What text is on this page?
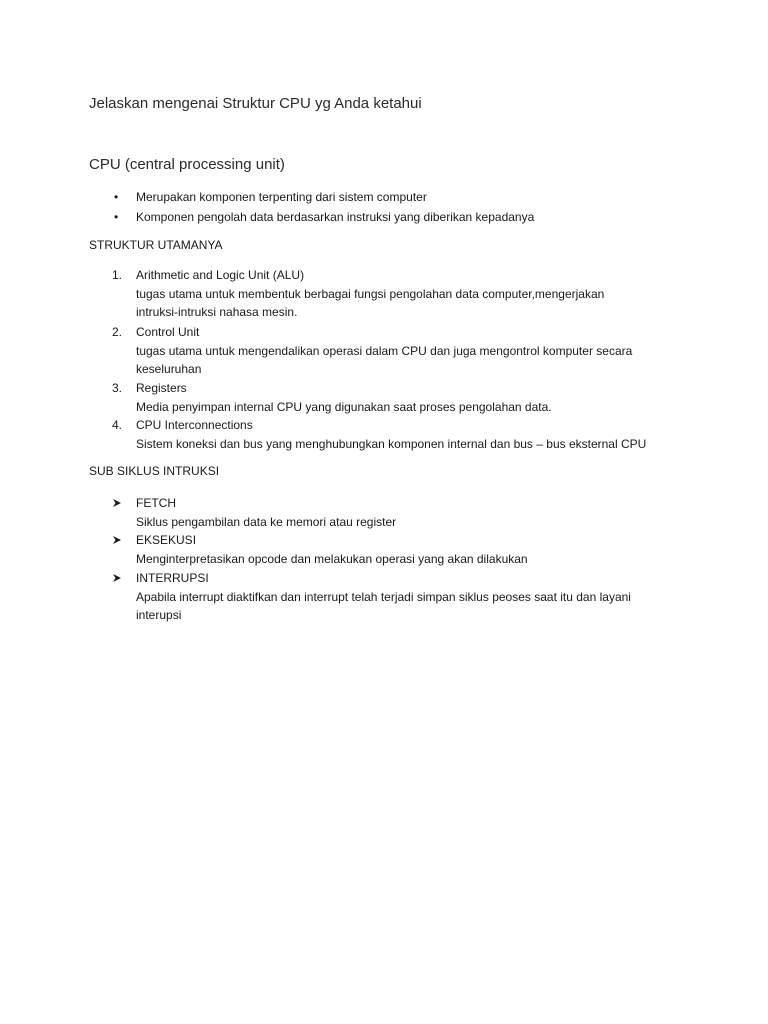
Jelaskan mengenai Struktur CPU yg Anda ketahui
CPU (central processing unit)
• Merupakan komponen terpenting dari sistem computer
• Komponen pengolah data berdasarkan instruksi yang diberikan kepadanya
STRUKTUR UTAMANYA
1. Arithmetic and Logic Unit (ALU)
tugas utama untuk membentuk berbagai fungsi pengolahan data computer,mengerjakan
intruksi-intruksi nahasa mesin.
2. Control Unit
tugas utama untuk mengendalikan operasi dalam CPU dan juga mengontrol komputer secara
keseluruhan
3. Registers
Media penyimpan internal CPU yang digunakan saat proses pengolahan data.
4. CPU Interconnections
Sistem koneksi dan bus yang menghubungkan komponen internal dan bus – bus eksternal CPU
SUB SIKLUS INTRUKSI
FETCH
Siklus pengambilan data ke memori atau register
EKSEKUSI
Menginterpretasikan opcode dan melakukan operasi yang akan dilakukan
INTERRUPSI
Apabila interrupt diaktifkan dan interrupt telah terjadi simpan siklus peoses saat itu dan layani
interupsi
